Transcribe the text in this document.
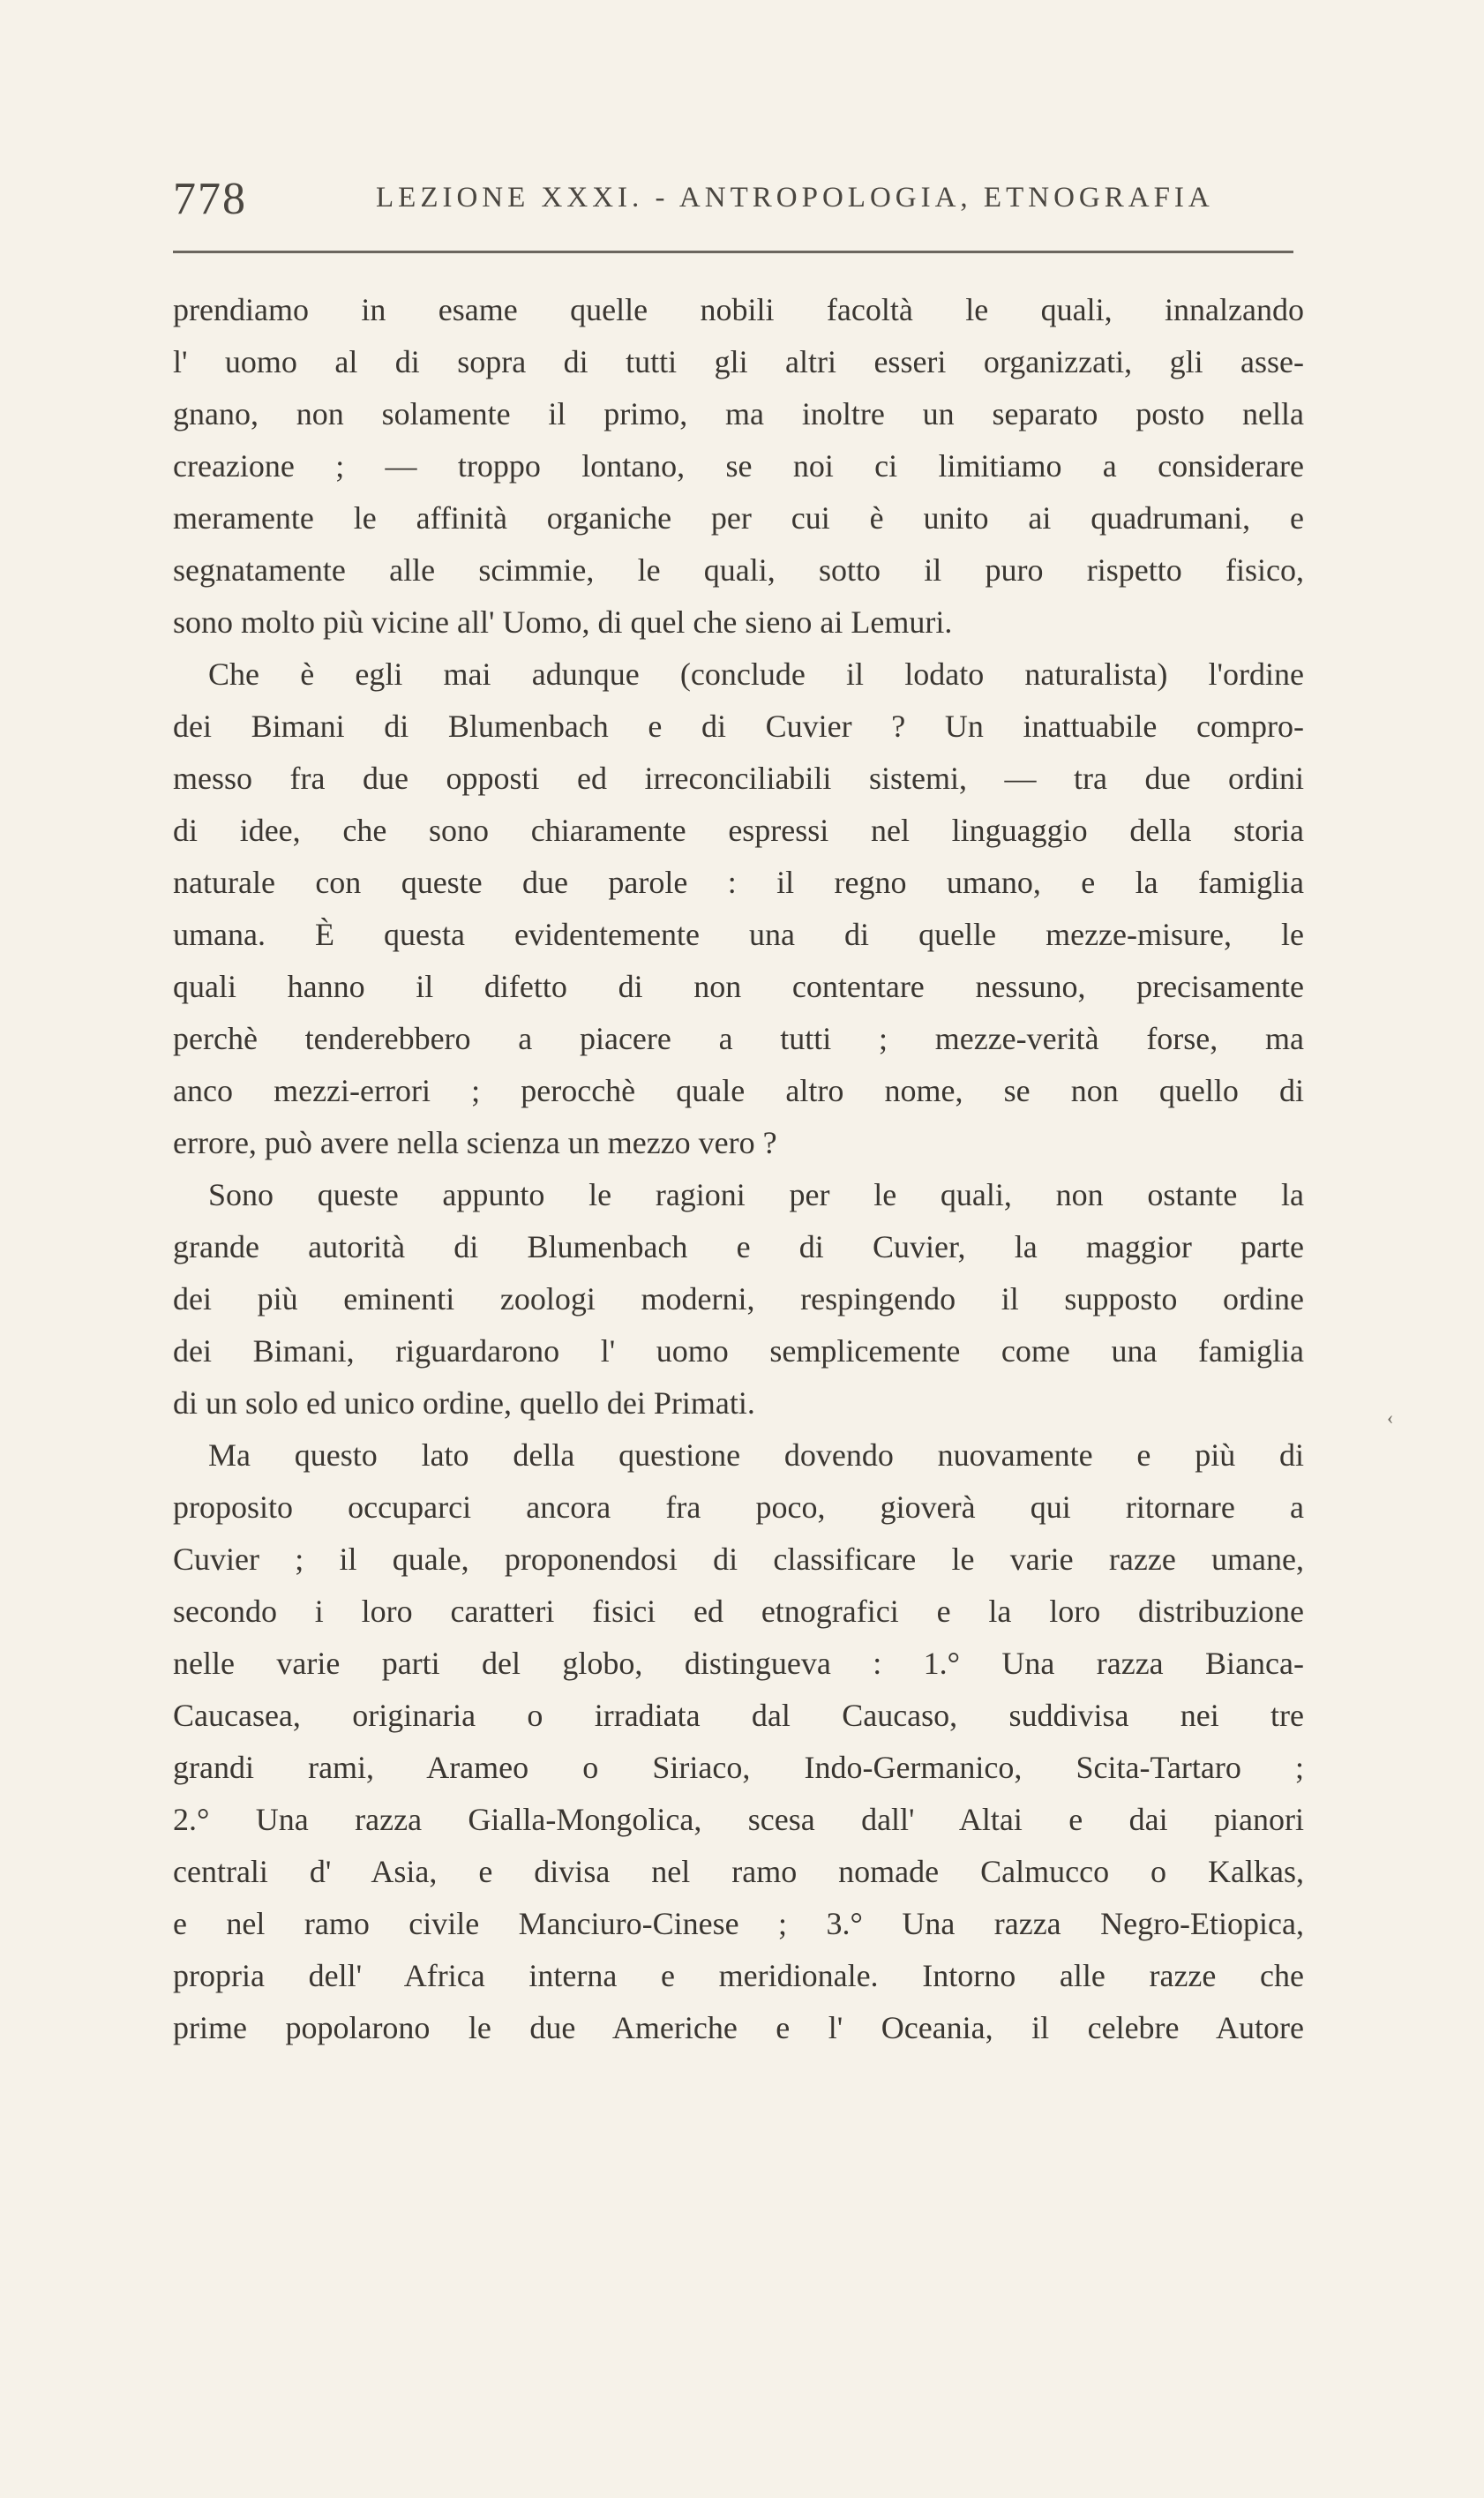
778	LEZIONE XXXI. - ANTROPOLOGIA, ETNOGRAFIA
prendiamo in esame quelle nobili facoltà le quali, innalzando
l' uomo al di sopra di tutti gli altri esseri organizzati, gli asse-
gnano, non solamente il primo, ma inoltre un separato posto nella
creazione ; — troppo lontano, se noi ci limitiamo a considerare
meramente le affinità organiche per cui è unito ai quadrumani, e
segnatamente alle scimmie, le quali, sotto il puro rispetto fisico,
sono molto più vicine all' Uomo, di quel che sieno ai Lemuri.
Che è egli mai adunque (conclude il lodato naturalista) l'ordine
dei Bimani di Blumenbach e di Cuvier ? Un inattuabile compro-
messo fra due opposti ed irreconciliabili sistemi, — tra due ordini
di idee, che sono chiaramente espressi nel linguaggio della storia
naturale con queste due parole : il regno umano, e la famiglia
umana. È questa evidentemente una di quelle mezze-misure, le
quali hanno il difetto di non contentare nessuno, precisamente
perchè tenderebbero a piacere a tutti ; mezze-verità forse, ma
anco mezzi-errori ; perocchè quale altro nome, se non quello di
errore, può avere nella scienza un mezzo vero ?
Sono queste appunto le ragioni per le quali, non ostante la
grande autorità di Blumenbach e di Cuvier, la maggior parte
dei più eminenti zoologi moderni, respingendo il supposto ordine
dei Bimani, riguardarono l' uomo semplicemente come una famiglia
di un solo ed unico ordine, quello dei Primati.
Ma questo lato della questione dovendo nuovamente e più di
proposito occuparci ancora fra poco, gioverà qui ritornare a
Cuvier ; il quale, proponendosi di classificare le varie razze umane,
secondo i loro caratteri fisici ed etnografici e la loro distribuzione
nelle varie parti del globo, distingueva : 1.° Una razza Bianca-
Caucasea, originaria o irradiata dal Caucaso, suddivisa nei tre
grandi rami, Arameo o Siriaco, Indo-Germanico, Scita-Tartaro ;
2.° Una razza Gialla-Mongolica, scesa dall' Altai e dai pianori
centrali d' Asia, e divisa nel ramo nomade Calmucco o Kalkas,
e nel ramo civile Manciuro-Cinese ; 3.° Una razza Negro-Etiopica,
propria dell' Africa interna e meridionale. Intorno alle razze che
prime popolarono le due Americhe e l' Oceania, il celebre Autore
‹
